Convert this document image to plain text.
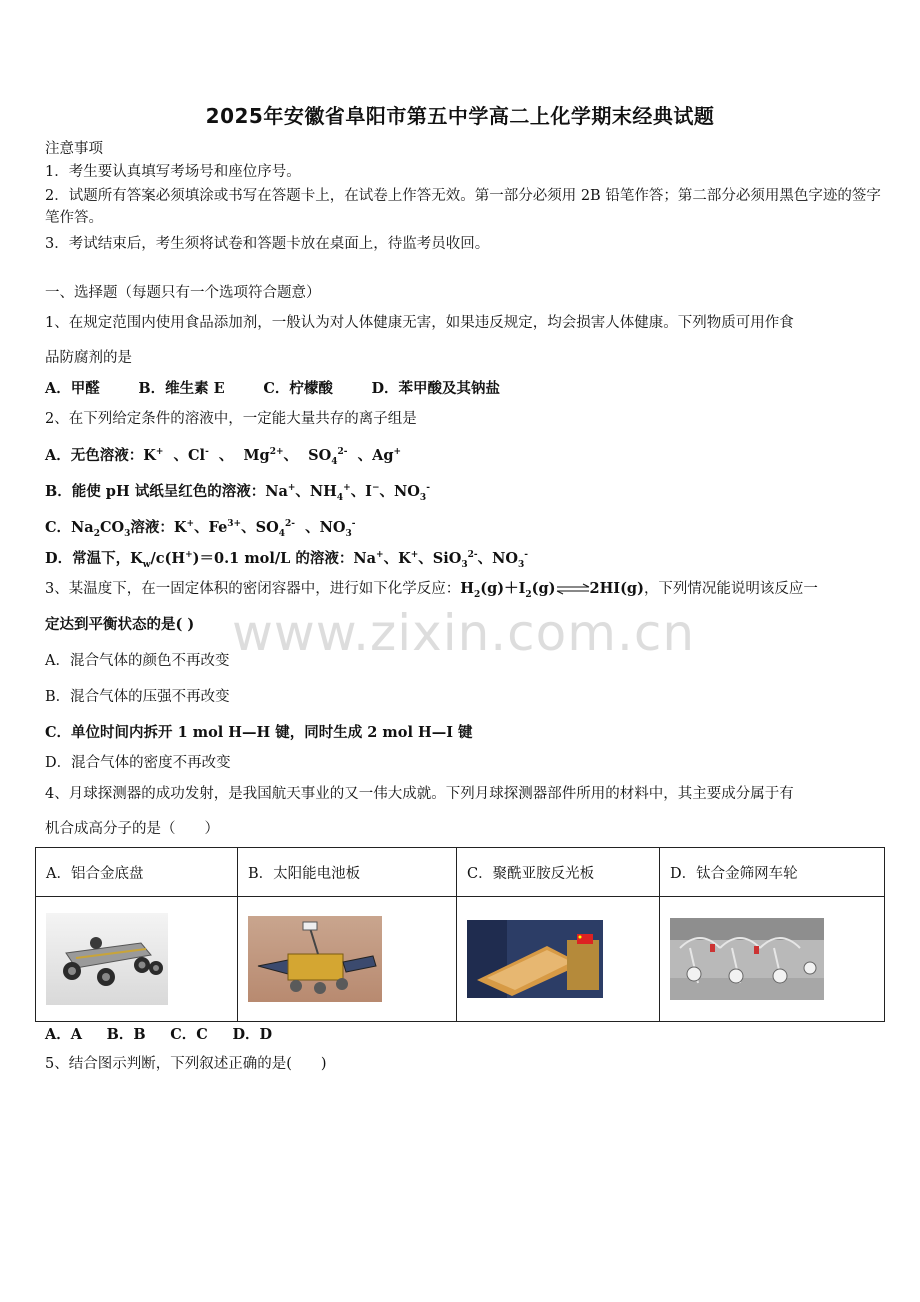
2025年安徽省阜阳市第五中学高二上化学期末经典试题
注意事项
1．考生要认真填写考场号和座位序号。
2．试题所有答案必须填涂或书写在答题卡上，在试卷上作答无效。第一部分必须用 2B 铅笔作答；第二部分必须用黑色字迹的签字笔作答。
3．考试结束后，考生须将试卷和答题卡放在桌面上，待监考员收回。
一、选择题（每题只有一个选项符合题意）
1、在规定范围内使用食品添加剂，一般认为对人体健康无害，如果违反规定，均会损害人体健康。下列物质可用作食
品防腐剂的是
A．甲醛	B．维生素 E	C．柠檬酸	D．苯甲酸及其钠盐
2、在下列给定条件的溶液中，一定能大量共存的离子组是
A．无色溶液：K+  、Cl-  、  $Mg^{2+}$、  $SO_4^{2-}$  、Ag+
B．能使 pH 试纸呈红色的溶液：Na+、$NH_4^+$、I−、$NO_3^-$
C．$Na_2CO_3$溶液：K+、$Fe^{3+}$、$SO_4^{2-}$  、$NO_3^-$
D．常温下，$K_w/c(H^+)=0.1$ mol/L 的溶液：Na+、K+、SiO$_3^{2-}$、$NO_3^-$
3、某温度下，在一固定体积的密闭容器中，进行如下化学反应：$H_2(g)+I_2(g)\rightleftharpoons 2HI(g)$，下列情况能说明该反应一
定达到平衡状态的是( )
A．混合气体的颜色不再改变
B．混合气体的压强不再改变
C．单位时间内拆开 1 mol H—H 键，同时生成 2 mol H—I 键
D．混合气体的密度不再改变
www.zixin.com.cn
4、月球探测器的成功发射，是我国航天事业的又一伟大成就。下列月球探测器部件所用的材料中，其主要成分属于有
机合成高分子的是（　　）
A．铝合金底盘	B．太阳能电池板	C．聚酰亚胺反光板	D．钛合金筛网车轮

A．A B．B C．C D．D
5、结合图示判断，下列叙述正确的是(　　)
